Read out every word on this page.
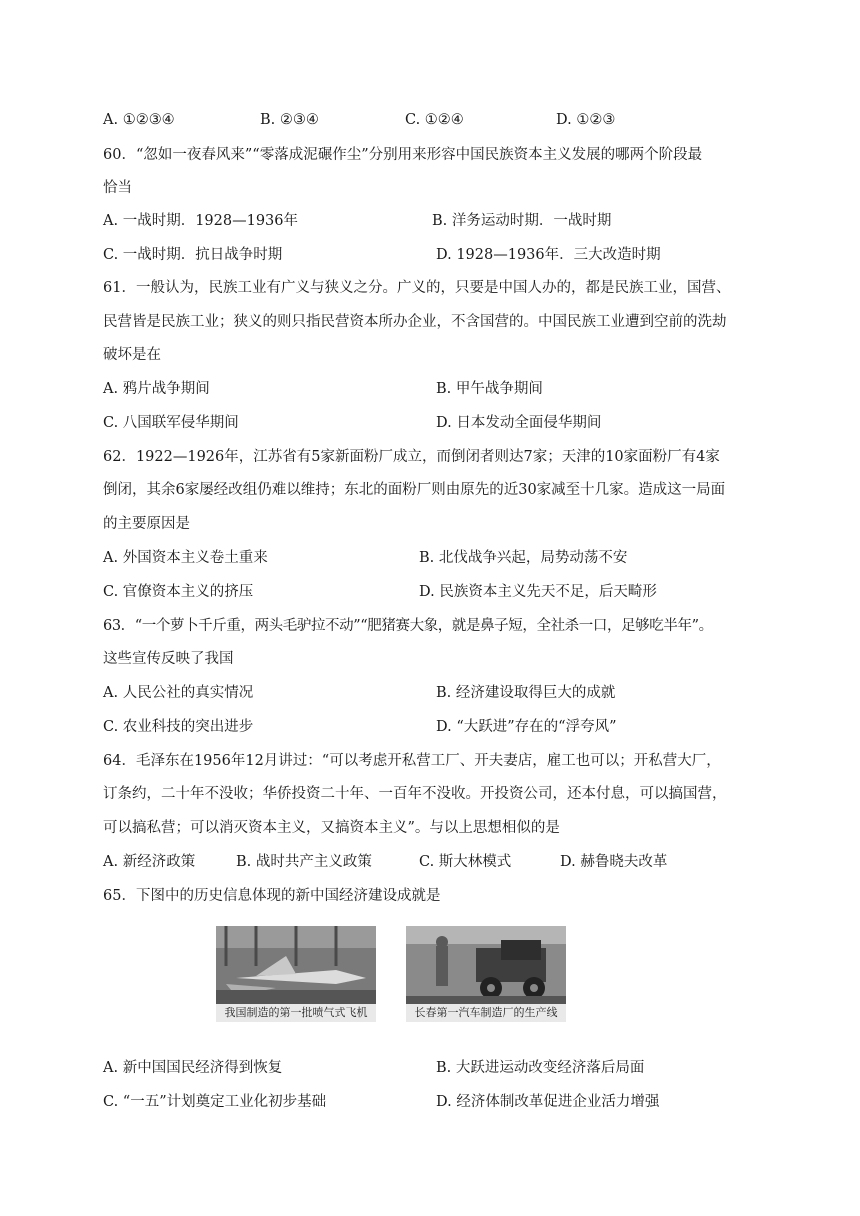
A. ①②③④	B. ②③④	C. ①②④	D. ①②③
60．“忽如一夜春风来”“零落成泥碾作尘”分别用来形容中国民族资本主义发展的哪两个阶段最
恰当
A. 一战时期．1928—1936年	B. 洋务运动时期．一战时期
C. 一战时期．抗日战争时期	D. 1928—1936年．三大改造时期
61．一般认为，民族工业有广义与狭义之分。广义的，只要是中国人办的，都是民族工业，国营、
民营皆是民族工业；狭义的则只指民营资本所办企业，不含国营的。中国民族工业遭到空前的洗劫
破坏是在
A. 鸦片战争期间	B. 甲午战争期间
C. 八国联军侵华期间	D. 日本发动全面侵华期间
62．1922—1926年，江苏省有5家新面粉厂成立，而倒闭者则达7家；天津的10家面粉厂有4家
倒闭，其余6家屡经改组仍难以维持；东北的面粉厂则由原先的近30家减至十几家。造成这一局面
的主要原因是
A. 外国资本主义卷土重来	B. 北伐战争兴起，局势动荡不安
C. 官僚资本主义的挤压	D. 民族资本主义先天不足，后天畸形
63．“一个萝卜千斤重，两头毛驴拉不动”“肥猪赛大象，就是鼻子短，全社杀一口，足够吃半年”。
这些宣传反映了我国
A. 人民公社的真实情况	B. 经济建设取得巨大的成就
C. 农业科技的突出进步	D. “大跃进”存在的“浮夸风”
64．毛泽东在1956年12月讲过：“可以考虑开私营工厂、开夫妻店，雇工也可以；开私营大厂，
订条约，二十年不没收；华侨投资二十年、一百年不没收。开投资公司，还本付息，可以搞国营，
可以搞私营；可以消灭资本主义，又搞资本主义”。与以上思想相似的是
A. 新经济政策	B. 战时共产主义政策	C. 斯大林模式	D. 赫鲁晓夫改革
65．下图中的历史信息体现的新中国经济建设成就是
我国制造的第一批喷气式飞机	长春第一汽车制造厂的生产线
A. 新中国国民经济得到恢复	B. 大跃进运动改变经济落后局面
C. “一五”计划奠定工业化初步基础	D. 经济体制改革促进企业活力增强
